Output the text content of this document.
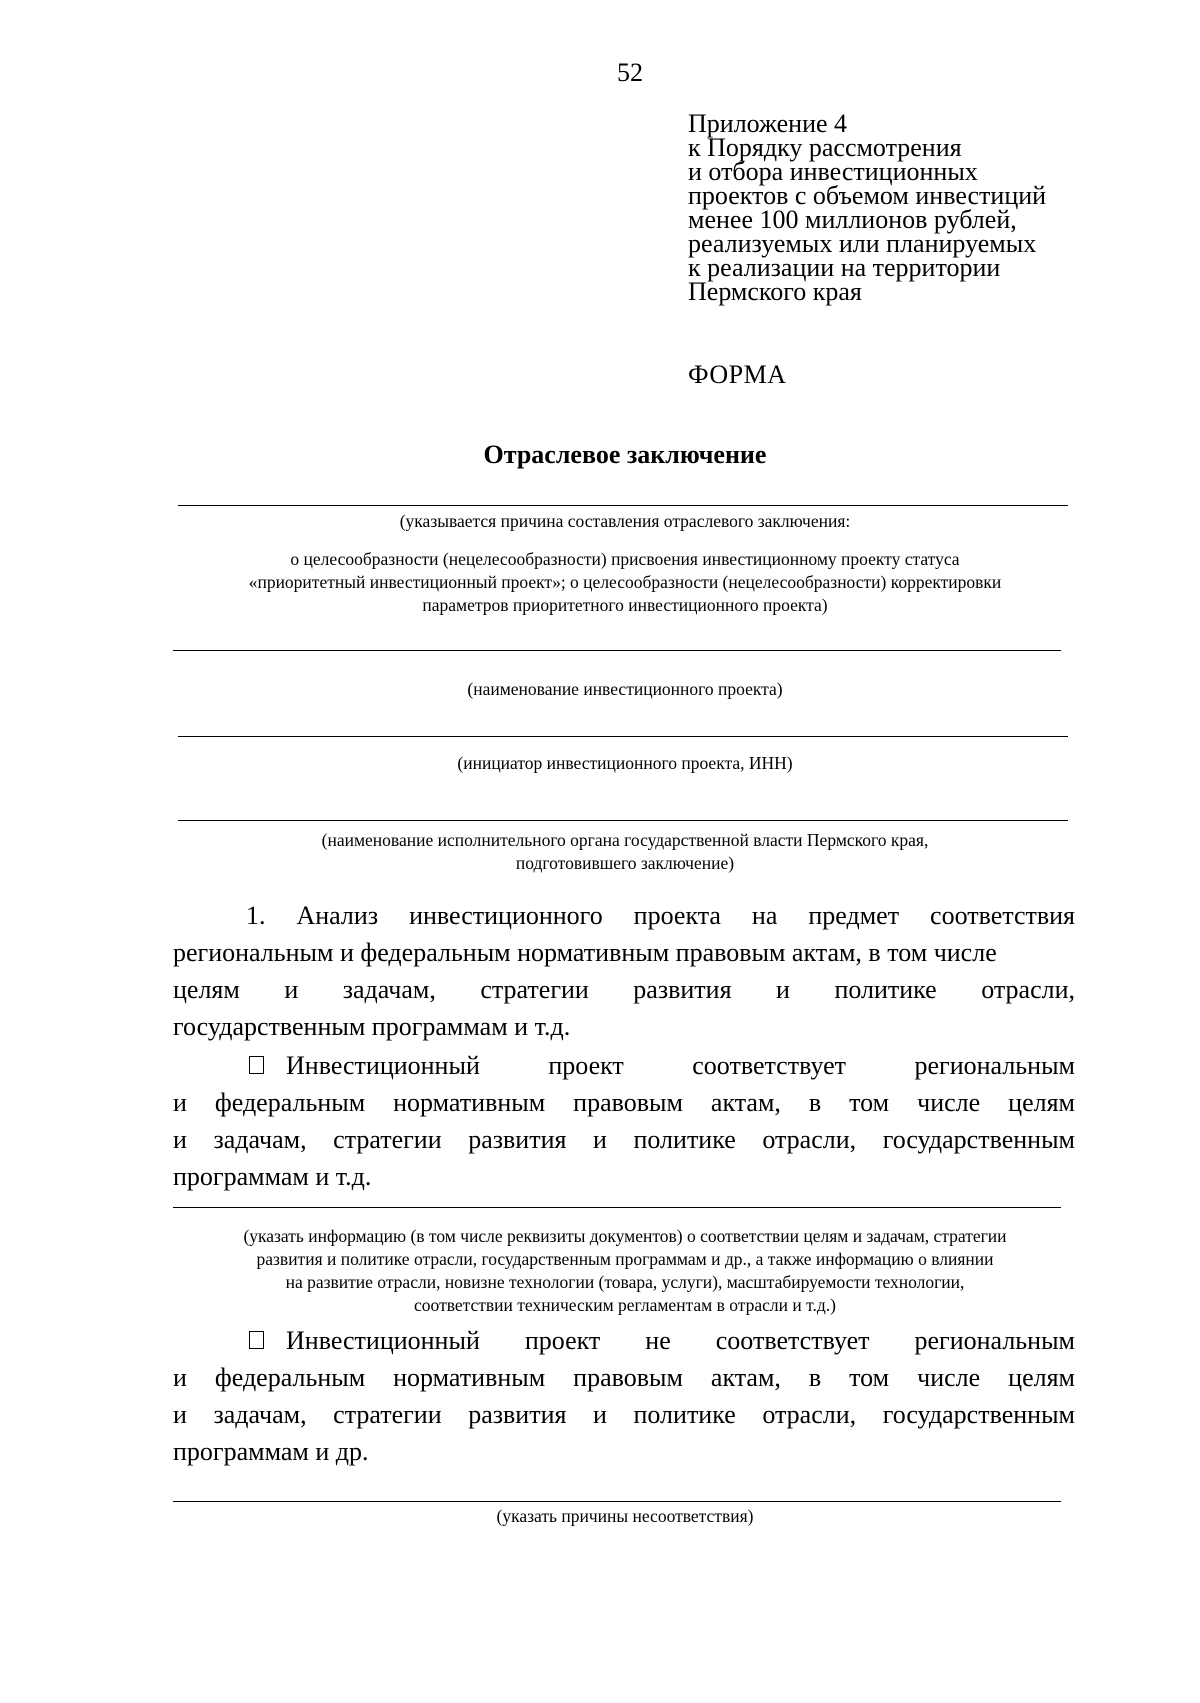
52
Приложение 4
к Порядку рассмотрения
и отбора инвестиционных
проектов с объемом инвестиций
менее 100 миллионов рублей,
реализуемых или планируемых
к реализации на территории
Пермского края
ФОРМА
Отраслевое заключение
(указывается причина составления отраслевого заключения:
о целесообразности (нецелесообразности) присвоения инвестиционному проекту статуса
«приоритетный инвестиционный проект»; о целесообразности (нецелесообразности) корректировки
параметров приоритетного инвестиционного проекта)
(наименование инвестиционного проекта)
(инициатор инвестиционного проекта, ИНН)
(наименование исполнительного органа государственной власти Пермского края,
подготовившего заключение)
1. Анализ инвестиционного проекта на предмет соответствия
региональным и федеральным нормативным правовым актам, в том числе
целям и задачам, стратегии развития и политике отрасли,
государственным программам и т.д.
Инвестиционный проект соответствует региональным
и федеральным нормативным правовым актам, в том числе целям
и задачам, стратегии развития и политике отрасли, государственным
программам и т.д.
(указать информацию (в том числе реквизиты документов) о соответствии целям и задачам, стратегии
развития и политике отрасли, государственным программам и др., а также информацию о влиянии
на развитие отрасли, новизне технологии (товара, услуги), масштабируемости технологии,
соответствии техническим регламентам в отрасли и т.д.)
Инвестиционный проект не соответствует региональным
и федеральным нормативным правовым актам, в том числе целям
и задачам, стратегии развития и политике отрасли, государственным
программам и др.
(указать причины несоответствия)
